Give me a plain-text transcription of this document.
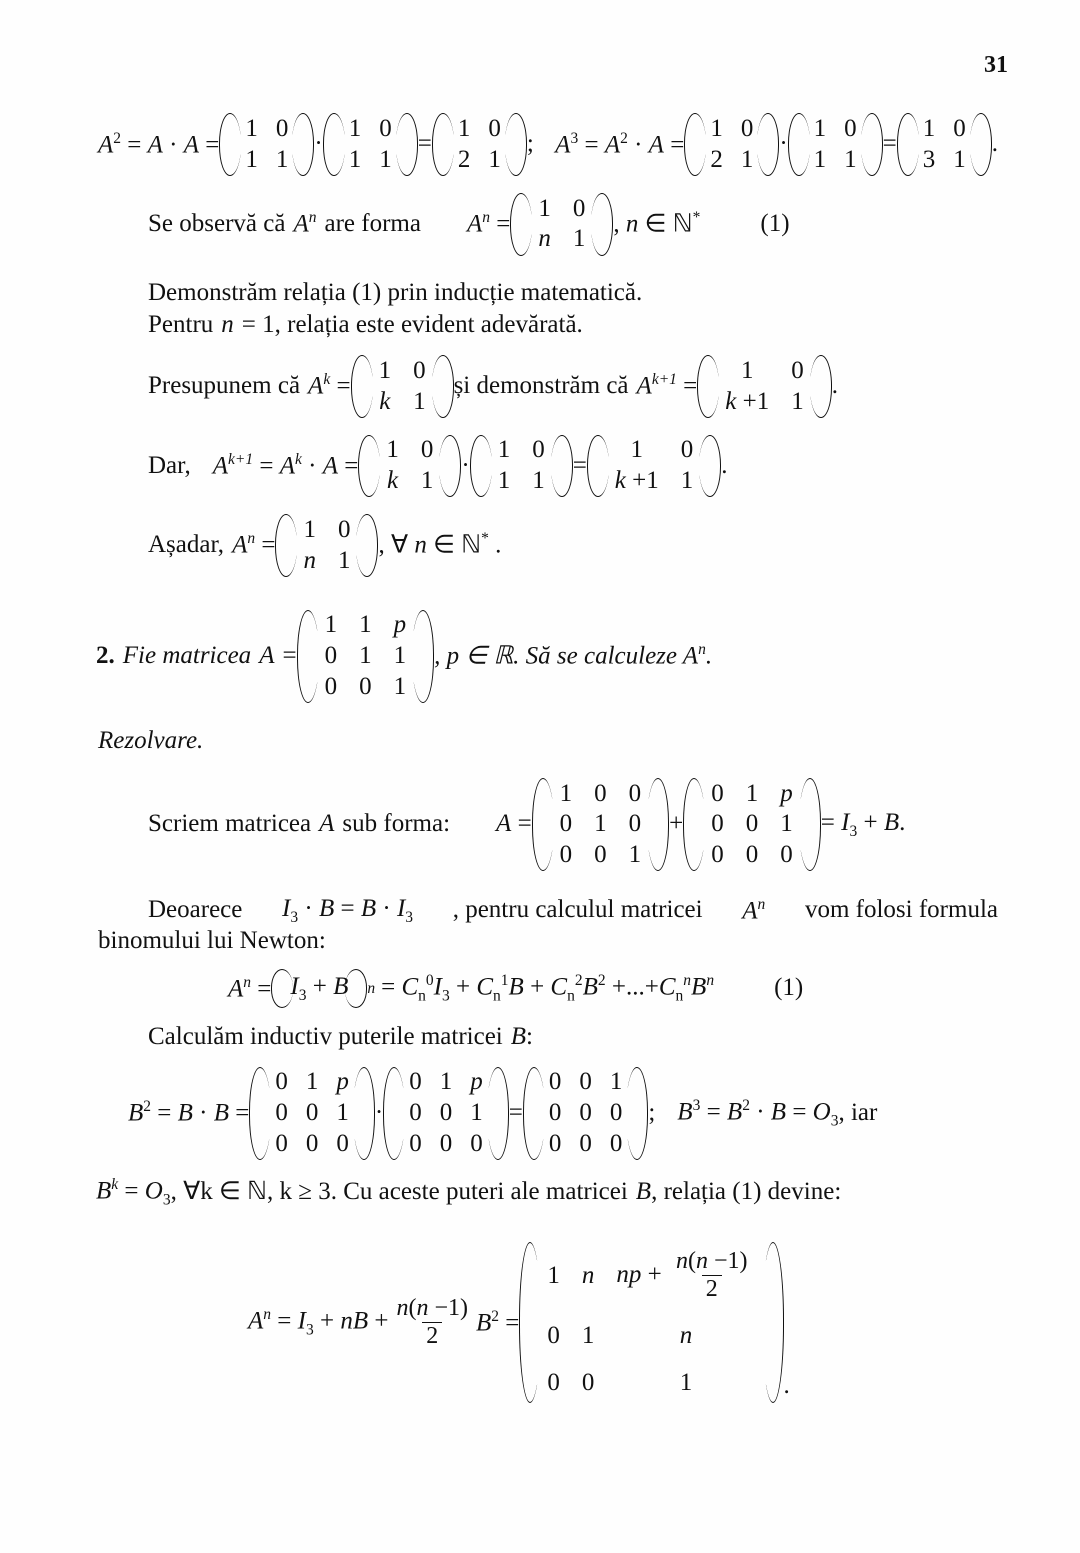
31
$A^2 = A \cdot A$ =
1 0
1 1
·
1 0
1 1
=
1 0
2 1
; $A^3 = A^2 \cdot A$ =
1 0
2 1
·
1 0
1 1
=
1 0
3 1
.
Se observă că $A^n$ are forma $A^n$ =
1 0
n 1
, n ∈ ℕ* (1)
Demonstrăm relația (1) prin inducție matematică.
Pentru n = 1, relația este evident adevărată.
Presupunem că $A^k$ =
1 0
k 1
și demonstrăm că $A^{k+1}$ =
1	0
k +1 1
.
Dar, $A^{k+1} = A^k \cdot A$ =
1 0
k 1
·
1 0
1 1
=
1	0
k +1 1
.
Așadar, $A^n$ =
1 0
n 1
, ∀ n ∈ ℕ* .
2. Fie matricea A =
1 1 p
0 1 1
0 0 1
, p ∈ ℝ. Să se calculeze $A^n$.
Rezolvare.
Scriem matricea A sub forma: A =
1 0 0
0 1 0
0 0 1
+
0 1 p
0 0 1
0 0 0
= $I_3 + B$.
Deoarece $I_3 \cdot B = B \cdot I_3$ , pentru calculul matricei $A^n$ vom folosi formula
binomului lui Newton:
$A^n = I_3 + B$	$n = C_n^0I_3 + C_n^1B + C_n^2B^2 +...+C_n^nB^n$ (1)
Calculăm inductiv puterile matricei B :
$B^2 = B \cdot B$ =
0 1 p
0 0 1
0 0 0
·
0 1 p
0 0 1
0 0 0
=
0 0 1
0 0 0
0 0 0
; $B^3 = B^2 \cdot B = O_3$ , iar
$B^k = O_3$ , ∀k ∈ ℕ, k ≥ 3. Cu aceste puteri ale matricei B , relația (1) devine:
$A^n = I_3$ + nB + $\frac{n(n -1)}{2} B^2$ =
1 n np + $\frac{n(n -1)}{2}$
0 1	n
0 0	1	.
